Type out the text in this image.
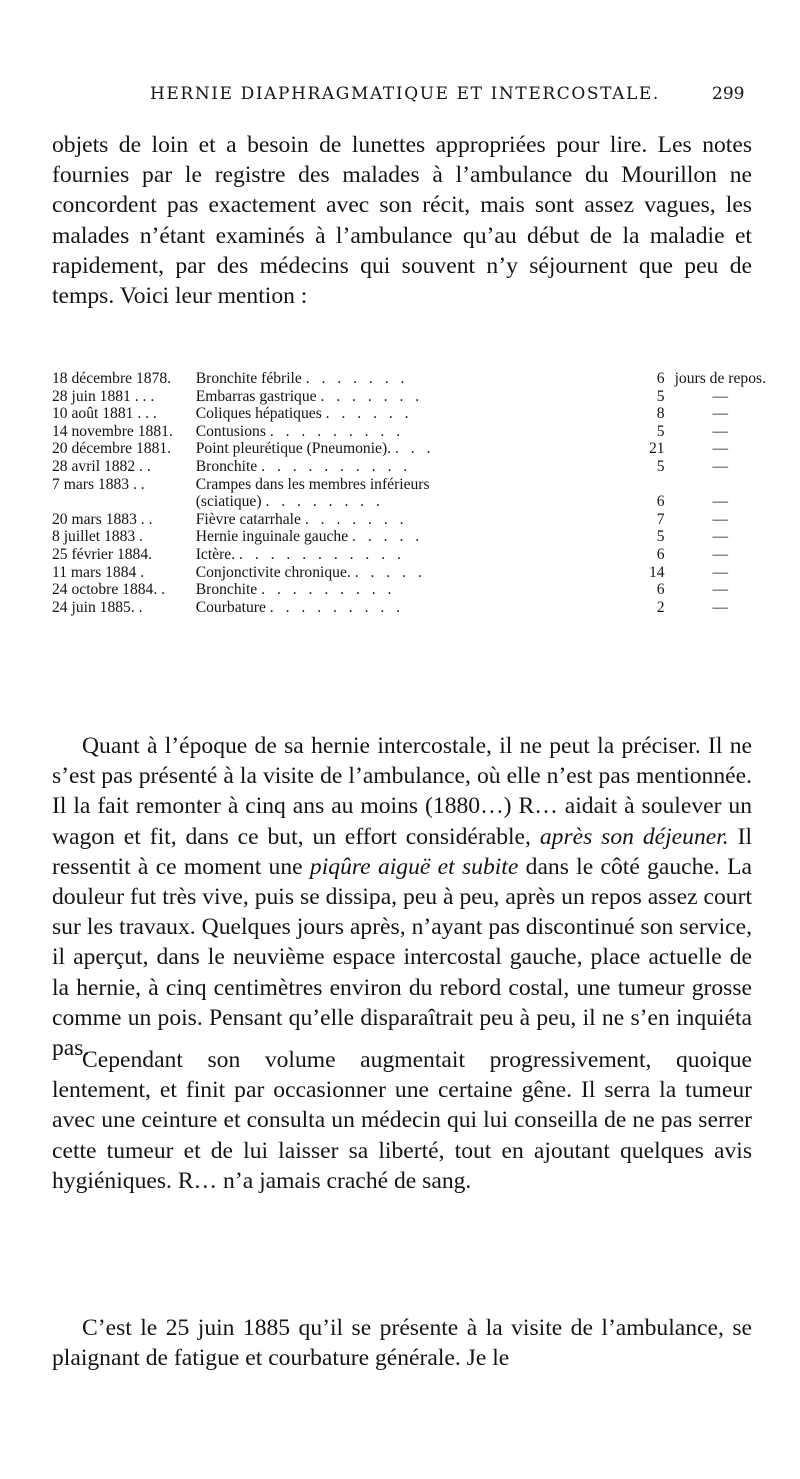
HERNIE DIAPHRAGMATIQUE ET INTERCOSTALE.	299

objets de loin et a besoin de lunettes appropriées pour lire. Les notes fournies par le registre des malades à l’ambulance du Mourillon ne concordent pas exactement avec son récit, mais sont assez vagues, les malades n’étant examinés à l’ambulance qu’au début de la maladie et rapidement, par des médecins qui souvent n’y séjournent que peu de temps. Voici leur mention :

18 décembre 1878.	Bronchite fébrile . . . . . . .	6	jours de repos.
28 juin 1881 . . .	Embarras gastrique . . . . . . .	5	—
10 août 1881 . . .	Coliques hépatiques . . . . . .	8	—
14 novembre 1881.	Contusions . . . . . . . . .	5	—
20 décembre 1881.	Point pleurétique (Pneumonie). . . .	21	—
28 avril 1882 . .	Bronchite . . . . . . . . . .	5	—
7 mars 1883 . .	Crampes dans les membres inférieurs		
	(sciatique) . . . . . . . .	6	—
20 mars 1883 . .	Fièvre catarrhale . . . . . . .	7	—
8 juillet 1883 .	Hernie inguinale gauche . . . . .	5	—
25 février 1884.	Ictère. . . . . . . . . . . .	6	—
11 mars 1884 .	Conjonctivite chronique. . . . . .	14	—
24 octobre 1884. .	Bronchite . . . . . . . . .	6	—
24 juin 1885. .	Courbature . . . . . . . . .	2	—

Quant à l’époque de sa hernie intercostale, il ne peut la préciser. Il ne s’est pas présenté à la visite de l’ambulance, où elle n’est pas mentionnée. Il la fait remonter à cinq ans au moins (1880…) R… aidait à soulever un wagon et fit, dans ce but, un effort considérable, après son déjeuner. Il ressentit à ce moment une piqûre aiguë et subite dans le côté gauche. La douleur fut très vive, puis se dissipa, peu à peu, après un repos assez court sur les travaux. Quelques jours après, n’ayant pas discontinué son service, il aperçut, dans le neuvième espace intercostal gauche, place actuelle de la hernie, à cinq centimètres environ du rebord costal, une tumeur grosse comme un pois. Pensant qu’elle disparaîtrait peu à peu, il ne s’en inquiéta pas.

Cependant son volume augmentait progressivement, quoique lentement, et finit par occasionner une certaine gêne. Il serra la tumeur avec une ceinture et consulta un médecin qui lui conseilla de ne pas serrer cette tumeur et de lui laisser sa liberté, tout en ajoutant quelques avis hygiéniques. R… n’a jamais craché de sang.

C’est le 25 juin 1885 qu’il se présente à la visite de l’ambulance, se plaignant de fatigue et courbature générale. Je le
